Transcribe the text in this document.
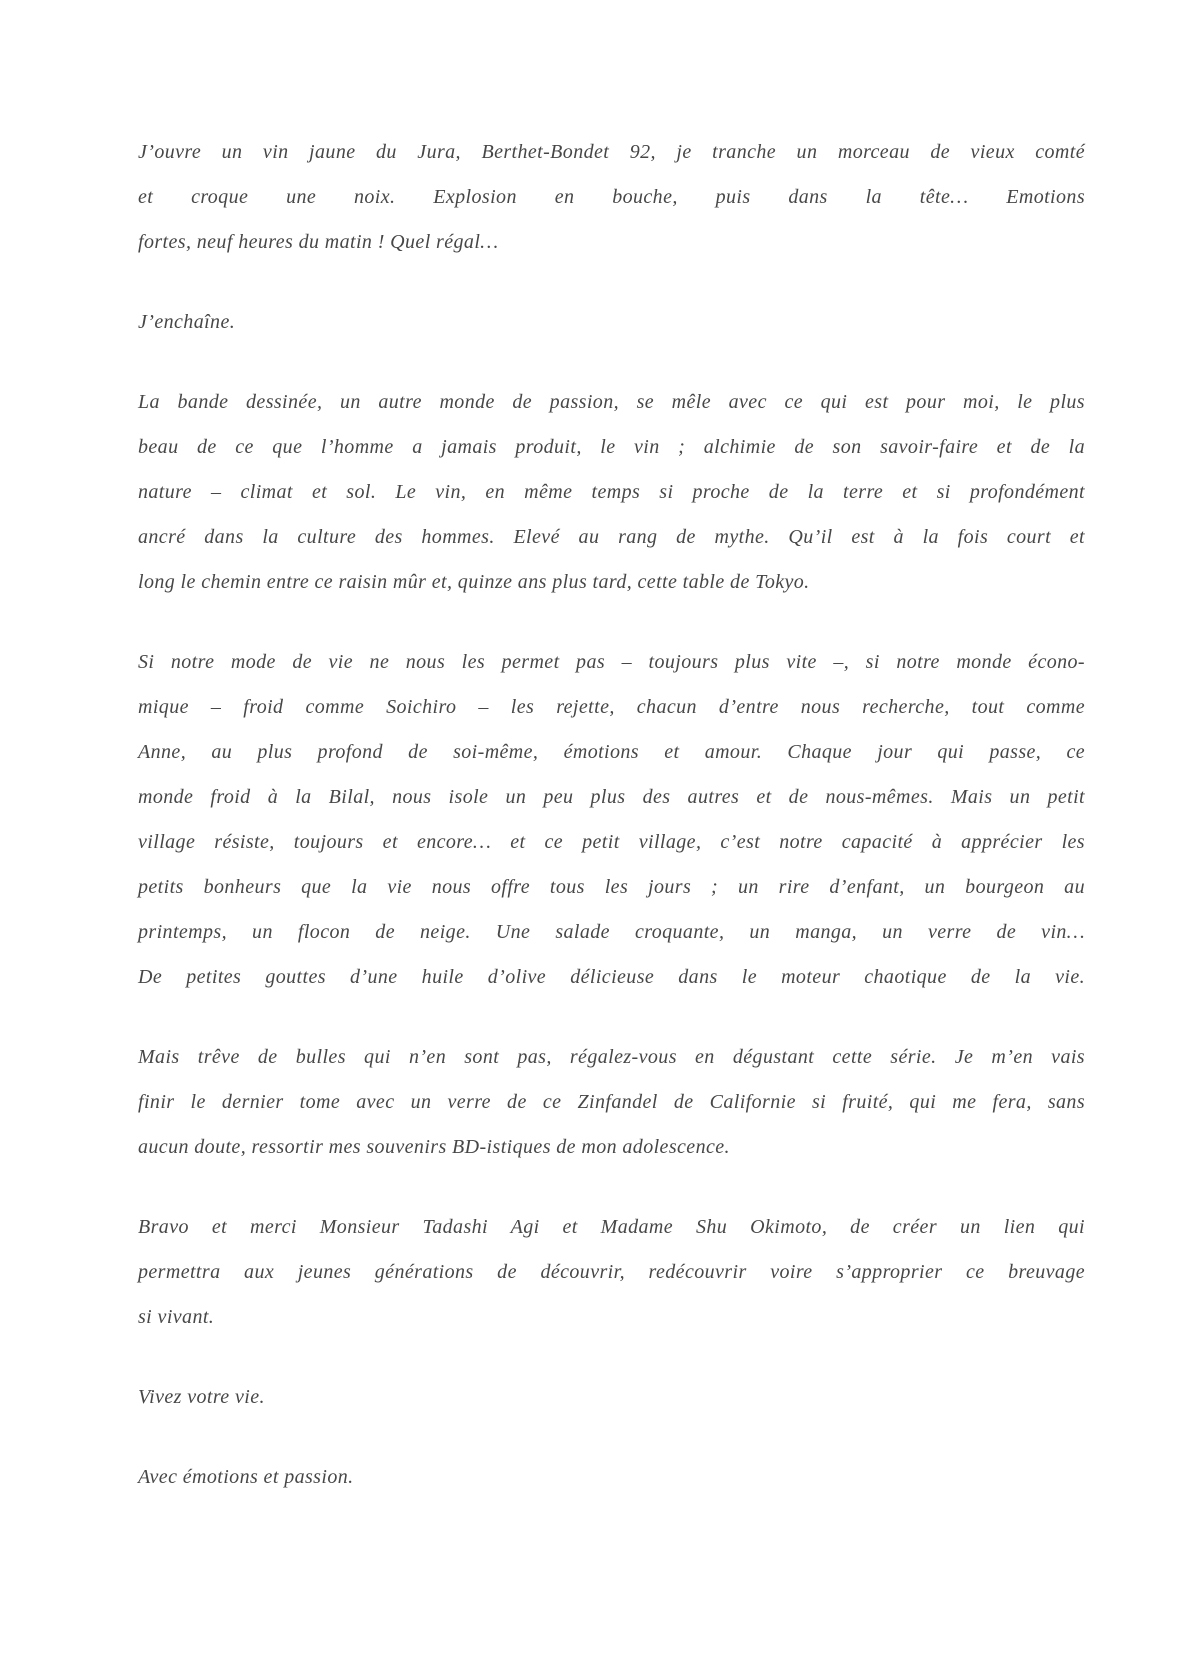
J’ouvre un vin jaune du Jura, Berthet-Bondet 92, je tranche un morceau de vieux comté
et croque une noix. Explosion en bouche, puis dans la tête… Emotions
fortes, neuf heures du matin ! Quel régal…

J’enchaîne.

La bande dessinée, un autre monde de passion, se mêle avec ce qui est pour moi, le plus
beau de ce que l’homme a jamais produit, le vin ; alchimie de son savoir-faire et de la
nature – climat et sol. Le vin, en même temps si proche de la terre et si profondément
ancré dans la culture des hommes. Elevé au rang de mythe. Qu’il est à la fois court et
long le chemin entre ce raisin mûr et, quinze ans plus tard, cette table de Tokyo.

Si notre mode de vie ne nous les permet pas – toujours plus vite –, si notre monde écono-
mique – froid comme Soichiro – les rejette, chacun d’entre nous recherche, tout comme
Anne, au plus profond de soi-même, émotions et amour. Chaque jour qui passe, ce
monde froid à la Bilal, nous isole un peu plus des autres et de nous-mêmes. Mais un petit
village résiste, toujours et encore… et ce petit village, c’est notre capacité à apprécier les
petits bonheurs que la vie nous offre tous les jours ; un rire d’enfant, un bourgeon au
printemps, un flocon de neige. Une salade croquante, un manga, un verre de vin…
De petites gouttes d’une huile d’olive délicieuse dans le moteur chaotique de la vie.

Mais trêve de bulles qui n’en sont pas, régalez-vous en dégustant cette série. Je m’en vais
finir le dernier tome avec un verre de ce Zinfandel de Californie si fruité, qui me fera, sans
aucun doute, ressortir mes souvenirs BD-istiques de mon adolescence.

Bravo et merci Monsieur Tadashi Agi et Madame Shu Okimoto, de créer un lien qui
permettra aux jeunes générations de découvrir, redécouvrir voire s’approprier ce breuvage
si vivant.

Vivez votre vie.

Avec émotions et passion.
